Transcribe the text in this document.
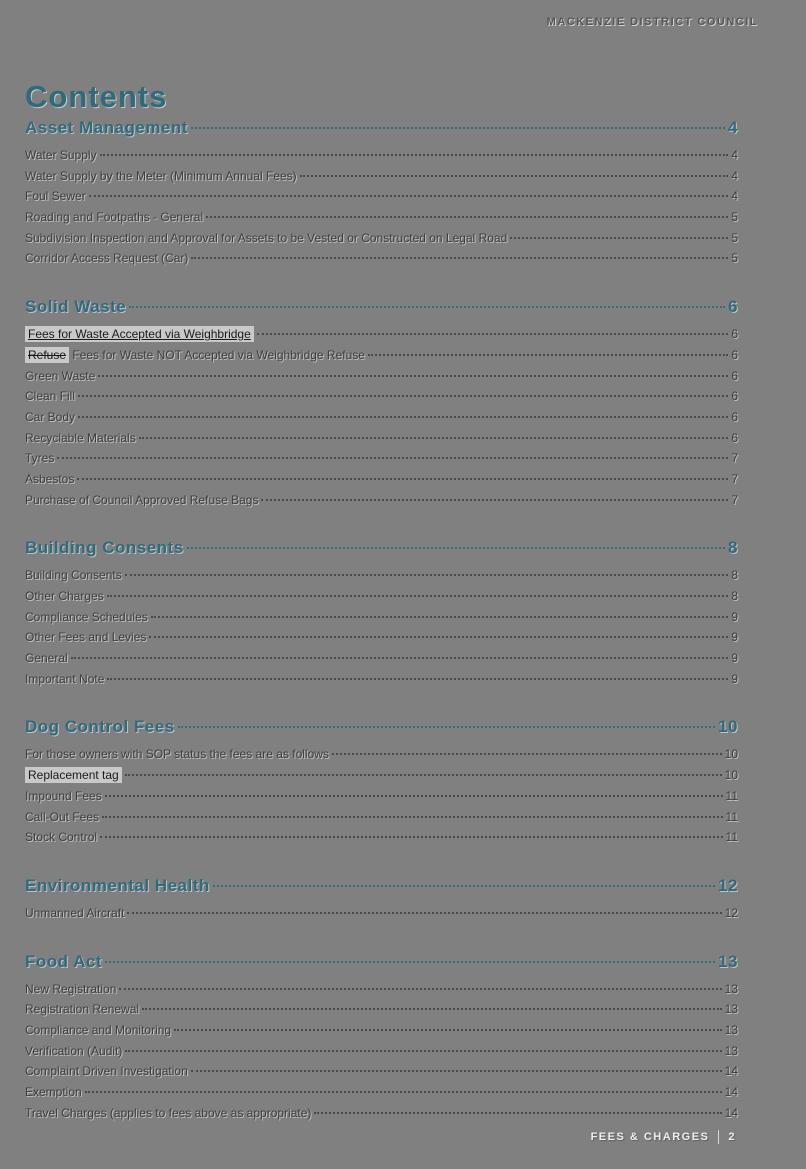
MACKENZIE DISTRICT COUNCIL
Contents
Asset Management	4
Water Supply	4
Water Supply by the Meter (Minimum Annual Fees)	4
Foul Sewer	4
Roading and Footpaths - General	5
Subdivision Inspection and Approval for Assets to be Vested or Constructed on Legal Road	5
Corridor Access Request (Car)	5
Solid Waste	6
Fees for Waste Accepted via Weighbridge	6
Refuse Fees for Waste NOT Accepted via Weighbridge Refuse	6
Green Waste	6
Clean Fill	6
Car Body	6
Recyclable Materials	6
Tyres	7
Asbestos	7
Purchase of Council Approved Refuse Bags	7
Building Consents	8
Building Consents	8
Other Charges	8
Compliance Schedules	9
Other Fees and Levies	9
General	9
Important Note	9
Dog Control Fees	10
For those owners with SOP status the fees are as follows	10
Replacement tag	10
Impound Fees	11
Call-Out Fees	11
Stock Control	11
Environmental Health	12
Unmanned Aircraft	12
Food Act	13
New Registration	13
Registration Renewal	13
Compliance and Monitoring	13
Verification (Audit)	13
Complaint Driven Investigation	14
Exemption	14
Travel Charges (applies to fees above as appropriate)	14
FEES & CHARGES 2
